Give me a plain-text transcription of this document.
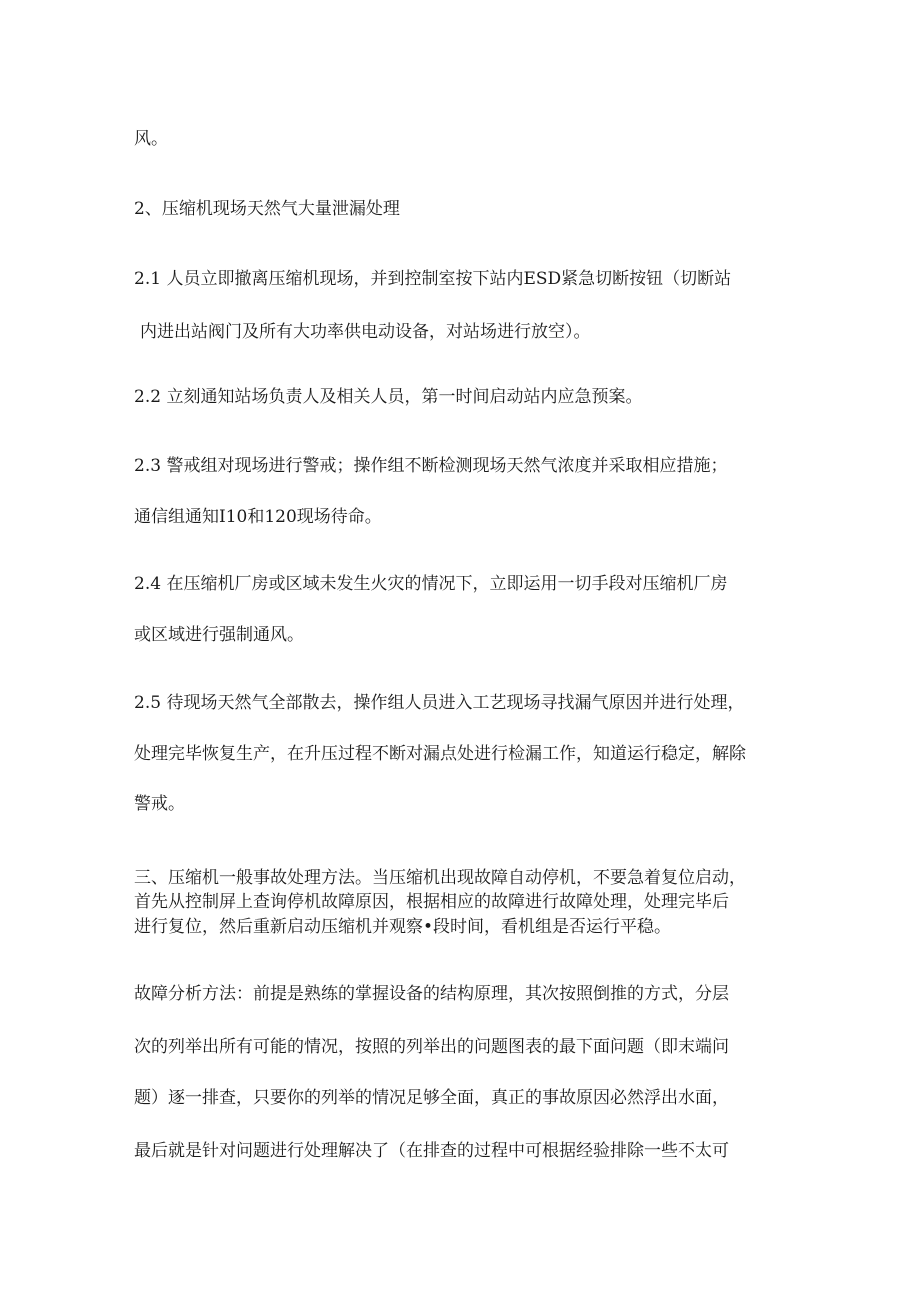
风。
2、压缩机现场天然气大量泄漏处理
2.1 人员立即撤离压缩机现场，并到控制室按下站内ESD紧急切断按钮（切断站
内进出站阀门及所有大功率供电动设备，对站场进行放空）。
2.2 立刻通知站场负责人及相关人员，第一时间启动站内应急预案。
2.3 警戒组对现场进行警戒；操作组不断检测现场天然气浓度并采取相应措施；
通信组通知I10和120现场待命。
2.4 在压缩机厂房或区域未发生火灾的情况下，立即运用一切手段对压缩机厂房
或区域进行强制通风。
2.5 待现场天然气全部散去，操作组人员进入工艺现场寻找漏气原因并进行处理，
处理完毕恢复生产，在升压过程不断对漏点处进行检漏工作，知道运行稳定，解除
警戒。
三、压缩机一般事故处理方法。当压缩机出现故障自动停机，不要急着复位启动，
首先从控制屏上查询停机故障原因，根据相应的故障进行故障处理，处理完毕后
进行复位，然后重新启动压缩机并观察•段时间，看机组是否运行平稳。
故障分析方法：前提是熟练的掌握设备的结构原理，其次按照倒推的方式，分层
次的列举出所有可能的情况，按照的列举出的问题图表的最下面问题（即末端问
题）逐一排查，只要你的列举的情况足够全面，真正的事故原因必然浮出水面，
最后就是针对问题进行处理解决了（在排查的过程中可根据经验排除一些不太可
